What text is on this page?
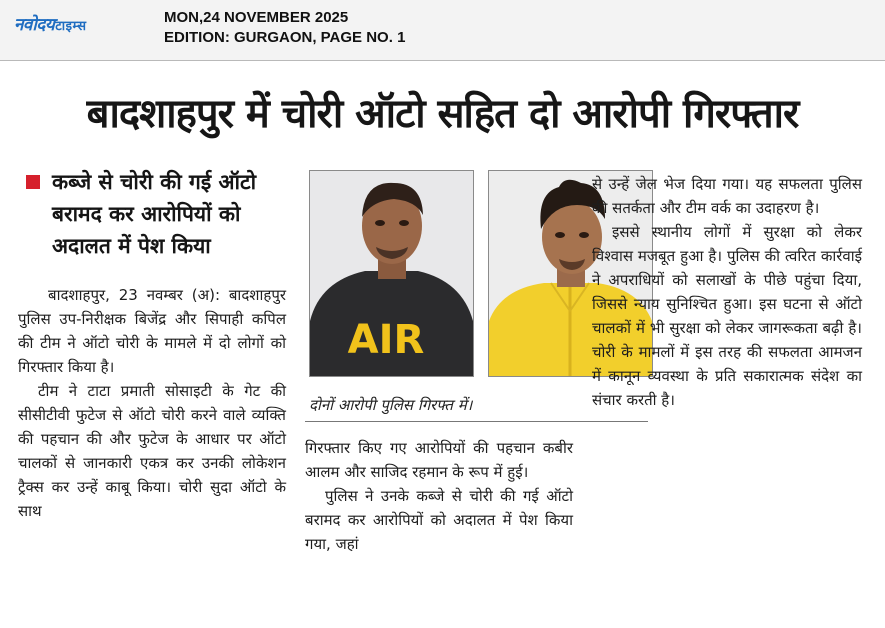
नवोदयटाइम्स
MON,24 NOVEMBER 2025
EDITION: GURGAON, PAGE NO. 1
बादशाहपुर में चोरी ऑटो सहित दो आरोपी गिरफ्तार
कब्जे से चोरी की गई ऑटो बरामद कर आरोपियों को अदालत में पेश किया

बादशाहपुर, 23 नवम्बर (अ): बादशाहपुर पुलिस उप-निरीक्षक बिजेंद्र और सिपाही कपिल की टीम ने ऑटो चोरी के मामले में दो लोगों को गिरफ्तार किया है।

टीम ने टाटा प्रमाती सोसाइटी के गेट की सीसीटीवी फुटेज से ऑटो चोरी करने वाले व्यक्ति की पहचान की और फुटेज के आधार पर ऑटो चालकों से जानकारी एकत्र कर उनकी लोकेशन ट्रैक्स कर उन्हें काबू किया। चोरी सुदा ऑटो के साथ

AIR
दोनों आरोपी पुलिस गिरफ्त में।

गिरफ्तार किए गए आरोपियों की पहचान कबीर आलम और साजिद रहमान के रूप में हुई।

पुलिस ने उनके कब्जे से चोरी की गई ऑटो बरामद कर आरोपियों को अदालत में पेश किया गया, जहां

से उन्हें जेल भेज दिया गया। यह सफलता पुलिस की सतर्कता और टीम वर्क का उदाहरण है।

इससे स्थानीय लोगों में सुरक्षा को लेकर विश्वास मजबूत हुआ है। पुलिस की त्वरित कार्रवाई ने अपराधियों को सलाखों के पीछे पहुंचा दिया, जिससे न्याय सुनिश्चित हुआ। इस घटना से ऑटो चालकों में भी सुरक्षा को लेकर जागरूकता बढ़ी है। चोरी के मामलों में इस तरह की सफलता आमजन में कानून व्यवस्था के प्रति सकारात्मक संदेश का संचार करती है।
